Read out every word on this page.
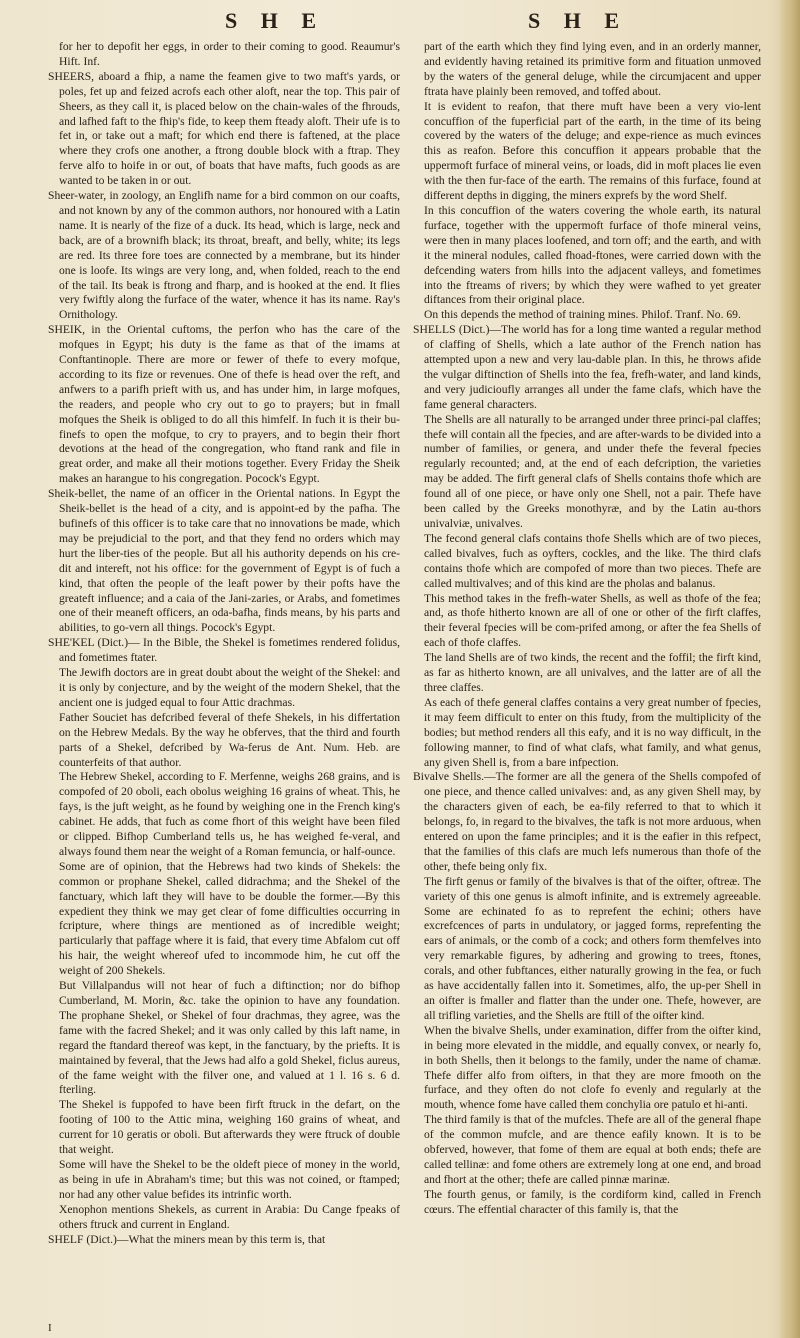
S H E	S H E

for her to depofit her eggs, in order to their coming to good. Reaumur's Hift. Inf.

SHEERS, aboard a fhip, a name the feamen give to two maft's yards, or poles, fet up and feized acrofs each other aloft, near the top. This pair of Sheers, as they call it, is placed below on the chain-wales of the fhrouds, and lafhed faft to the fhip's fide, to keep them fteady aloft. Their ufe is to fet in, or take out a maft; for which end there is faftened, at the place where they crofs one another, a ftrong double block with a ftrap. They ferve alfo to hoife in or out, of boats that have mafts, fuch goods as are wanted to be taken in or out.

Sheer-water, in zoology, an Englifh name for a bird common on our coafts, and not known by any of the common authors, nor honoured with a Latin name. It is nearly of the fize of a duck. Its head, which is large, neck and back, are of a brownifh black; its throat, breaft, and belly, white; its legs are red. Its three fore toes are connected by a membrane, but its hinder one is loofe. Its wings are very long, and, when folded, reach to the end of the tail. Its beak is ftrong and fharp, and is hooked at the end. It flies very fwiftly along the furface of the water, whence it has its name. Ray's Ornithology.

SHEIK, in the Oriental cuftoms, the perfon who has the care of the mofques in Egypt; his duty is the fame as that of the imams at Conftantinople. There are more or fewer of thefe to every mofque, according to its fize or revenues. One of thefe is head over the reft, and anfwers to a parifh prieft with us, and has under him, in large mofques, the readers, and people who cry out to go to prayers; but in fmall mofques the Sheik is obliged to do all this himfelf. In fuch it is their bu-finefs to open the mofque, to cry to prayers, and to begin their fhort devotions at the head of the congregation, who ftand rank and file in great order, and make all their motions together. Every Friday the Sheik makes an harangue to his congregation. Pocock's Egypt.

Sheik-bellet, the name of an officer in the Oriental nations. In Egypt the Sheik-bellet is the head of a city, and is appoint-ed by the pafha. The bufinefs of this officer is to take care that no innovations be made, which may be prejudicial to the port, and that they fend no orders which may hurt the liber-ties of the people. But all his authority depends on his cre-dit and intereft, not his office: for the government of Egypt is of fuch a kind, that often the people of the leaft power by their pofts have the greateft influence; and a caia of the Jani-zaries, or Arabs, and fometimes one of their meaneft officers, an oda-bafha, finds means, by his parts and abilities, to go-vern all things. Pocock's Egypt.

SHE'KEL (Dict.)— In the Bible, the Shekel is fometimes rendered folidus, and fometimes ftater.

The Jewifh doctors are in great doubt about the weight of the Shekel: and it is only by conjecture, and by the weight of the modern Shekel, that the ancient one is judged equal to four Attic drachmas.

Father Souciet has defcribed feveral of thefe Shekels, in his differtation on the Hebrew Medals. By the way he obferves, that the third and fourth parts of a Shekel, defcribed by Wa-ferus de Ant. Num. Heb. are counterfeits of that author.

The Hebrew Shekel, according to F. Merfenne, weighs 268 grains, and is compofed of 20 oboli, each obolus weighing 16 grains of wheat. This, he fays, is the juft weight, as he found by weighing one in the French king's cabinet. He adds, that fuch as come fhort of this weight have been filed or clipped. Bifhop Cumberland tells us, he has weighed fe-veral, and always found them near the weight of a Roman femuncia, or half-ounce.

Some are of opinion, that the Hebrews had two kinds of Shekels: the common or prophane Shekel, called didrachma; and the Shekel of the fanctuary, which laft they will have to be double the former.—By this expedient they think we may get clear of fome difficulties occurring in fcripture, where things are mentioned as of incredible weight; particularly that paffage where it is faid, that every time Abfalom cut off his hair, the weight whereof ufed to incommode him, he cut off the weight of 200 Shekels.

But Villalpandus will not hear of fuch a diftinction; nor do bifhop Cumberland, M. Morin, &c. take the opinion to have any foundation. The prophane Shekel, or Shekel of four drachmas, they agree, was the fame with the facred Shekel; and it was only called by this laft name, in regard the ftandard thereof was kept, in the fanctuary, by the priefts. It is maintained by feveral, that the Jews had alfo a gold Shekel, ficlus aureus, of the fame weight with the filver one, and valued at 1 l. 16 s. 6 d. fterling.

The Shekel is fuppofed to have been firft ftruck in the defart, on the footing of 100 to the Attic mina, weighing 160 grains of wheat, and current for 10 geratis or oboli. But afterwards they were ftruck of double that weight.

Some will have the Shekel to be the oldeft piece of money in the world, as being in ufe in Abraham's time; but this was not coined, or ftamped; nor had any other value befides its intrinfic worth.

Xenophon mentions Shekels, as current in Arabia: Du Cange fpeaks of others ftruck and current in England.

SHELF (Dict.)—What the miners mean by this term is, that

part of the earth which they find lying even, and in an orderly manner, and evidently having retained its primitive form and fituation unmoved by the waters of the general deluge, while the circumjacent and upper ftrata have plainly been removed, and toffed about.

It is evident to reafon, that there muft have been a very vio-lent concuffion of the fuperficial part of the earth, in the time of its being covered by the waters of the deluge; and expe-rience as much evinces this as reafon. Before this concuffion it appears probable that the uppermoft furface of mineral veins, or loads, did in moft places lie even with the then fur-face of the earth. The remains of this furface, found at different depths in digging, the miners exprefs by the word Shelf.

In this concuffion of the waters covering the whole earth, its natural furface, together with the uppermoft furface of thofe mineral veins, were then in many places loofened, and torn off; and the earth, and with it the mineral nodules, called fhoad-ftones, were carried down with the defcending waters from hills into the adjacent valleys, and fometimes into the ftreams of rivers; by which they were wafhed to yet greater diftances from their original place.

On this depends the method of training mines. Philof. Tranf. No. 69.

SHELLS (Dict.)—The world has for a long time wanted a regular method of claffing of Shells, which a late author of the French nation has attempted upon a new and very lau-dable plan. In this, he throws afide the vulgar diftinction of Shells into the fea, frefh-water, and land kinds, and very judicioufly arranges all under the fame clafs, which have the fame general characters.

The Shells are all naturally to be arranged under three princi-pal claffes; thefe will contain all the fpecies, and are after-wards to be divided into a number of families, or genera, and under thefe the feveral fpecies regularly recounted; and, at the end of each defcription, the varieties may be added. The firft general clafs of Shells contains thofe which are found all of one piece, or have only one Shell, not a pair. Thefe have been called by the Greeks monothyræ, and by the Latin au-thors univalviæ, univalves.

The fecond general clafs contains thofe Shells which are of two pieces, called bivalves, fuch as oyfters, cockles, and the like. The third clafs contains thofe which are compofed of more than two pieces. Thefe are called multivalves; and of this kind are the pholas and balanus.

This method takes in the frefh-water Shells, as well as thofe of the fea; and, as thofe hitherto known are all of one or other of the firft claffes, their feveral fpecies will be com-prifed among, or after the fea Shells of each of thofe claffes.

The land Shells are of two kinds, the recent and the foffil; the firft kind, as far as hitherto known, are all univalves, and the latter are of all the three claffes.

As each of thefe general claffes contains a very great number of fpecies, it may feem difficult to enter on this ftudy, from the multiplicity of the bodies; but method renders all this eafy, and it is no way difficult, in the following manner, to find of what clafs, what family, and what genus, any given Shell is, from a bare infpection.

Bivalve Shells.—The former are all the genera of the Shells compofed of one piece, and thence called univalves: and, as any given Shell may, by the characters given of each, be ea-fily referred to that to which it belongs, fo, in regard to the bivalves, the tafk is not more arduous, when entered on upon the fame principles; and it is the eafier in this refpect, that the families of this clafs are much lefs numerous than thofe of the other, thefe being only fix.

The firft genus or family of the bivalves is that of the oifter, oftreæ. The variety of this one genus is almoft infinite, and is extremely agreeable. Some are echinated fo as to reprefent the echini; others have excrefcences of parts in undulatory, or jagged forms, reprefenting the ears of animals, or the comb of a cock; and others form themfelves into very remarkable figures, by adhering and growing to trees, ftones, corals, and other fubftances, either naturally growing in the fea, or fuch as have accidentally fallen into it. Sometimes, alfo, the up-per Shell in an oifter is fmaller and flatter than the under one. Thefe, however, are all trifling varieties, and the Shells are ftill of the oifter kind.

When the bivalve Shells, under examination, differ from the oifter kind, in being more elevated in the middle, and equally convex, or nearly fo, in both Shells, then it belongs to the family, under the name of chamæ. Thefe differ alfo from oifters, in that they are more fmooth on the furface, and they often do not clofe fo evenly and regularly at the mouth, whence fome have called them conchylia ore patulo et hi-anti.

The third family is that of the mufcles. Thefe are all of the general fhape of the common mufcle, and are thence eafily known. It is to be obferved, however, that fome of them are equal at both ends; thefe are called tellinæ: and fome others are extremely long at one end, and broad and fhort at the other; thefe are called pinnæ marinæ.

The fourth genus, or family, is the cordiform kind, called in French cœurs. The effential character of this family is, that the

I
